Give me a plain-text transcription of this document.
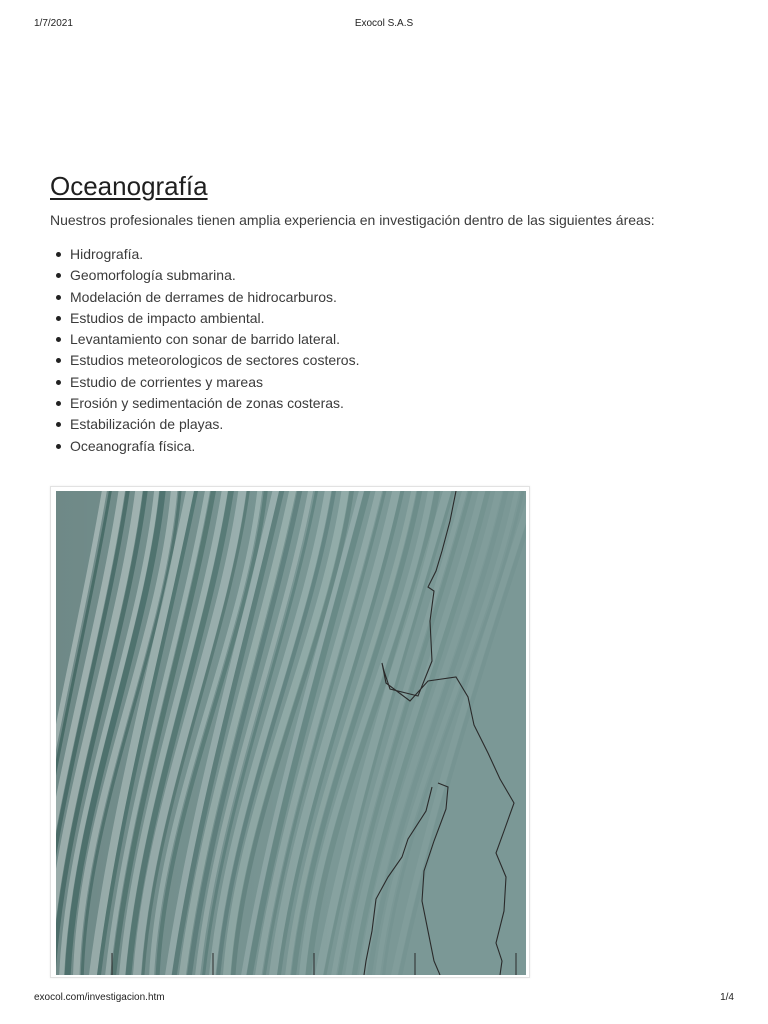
1/7/2021	Exocol S.A.S
Oceanografía

Nuestros profesionales tienen amplia experiencia en investigación dentro de las siguientes áreas:

Hidrografía.
Geomorfología submarina.
Modelación de derrames de hidrocarburos.
Estudios de impacto ambiental.
Levantamiento con sonar de barrido lateral.
Estudios meteorologicos de sectores costeros.
Estudio de corrientes y mareas
Erosión y sedimentación de zonas costeras.
Estabilización de playas.
Oceanografía física.
exocol.com/investigacion.htm	1/4
